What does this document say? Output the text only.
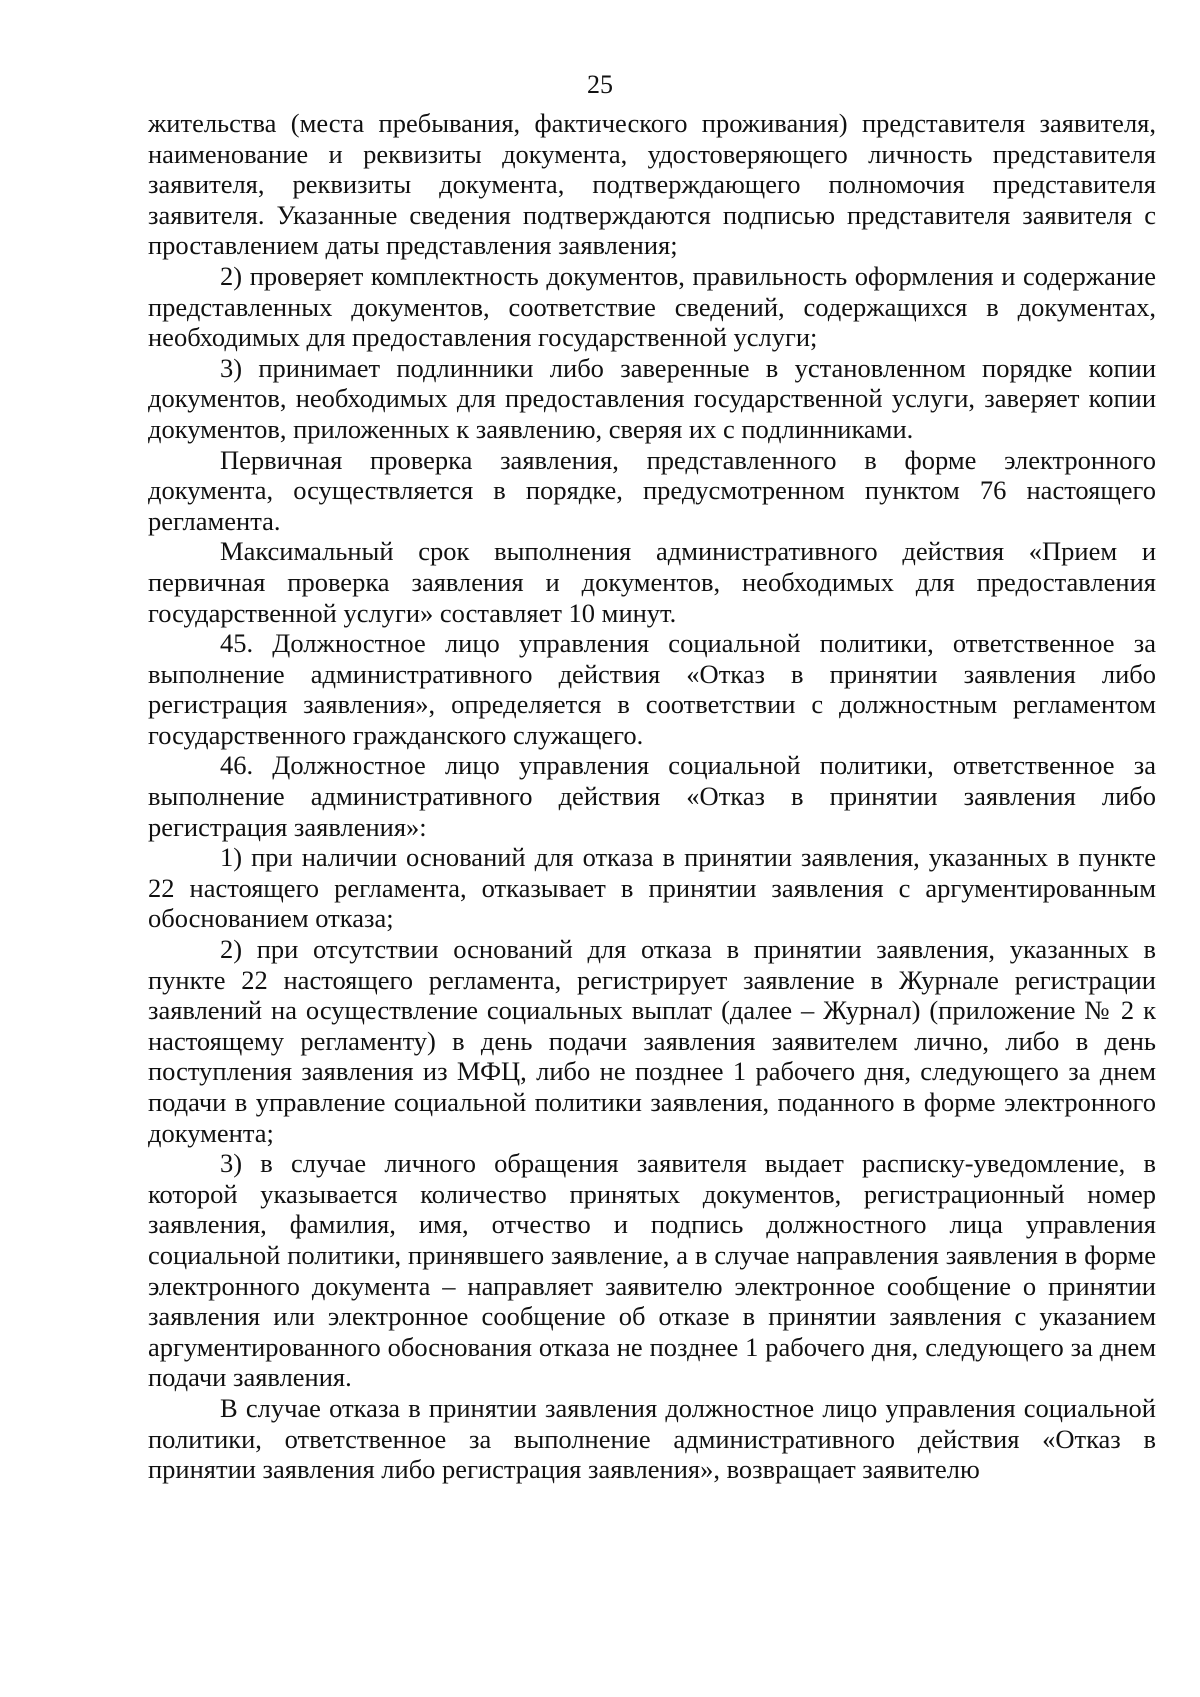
25

жительства (места пребывания, фактического проживания) представителя заявителя, наименование и реквизиты документа, удостоверяющего личность представителя заявителя, реквизиты документа, подтверждающего полномочия представителя заявителя. Указанные сведения подтверждаются подписью представителя заявителя с проставлением даты представления заявления;

2) проверяет комплектность документов, правильность оформления и содержание представленных документов, соответствие сведений, содержащихся в документах, необходимых для предоставления государственной услуги;

3) принимает подлинники либо заверенные в установленном порядке копии документов, необходимых для предоставления государственной услуги, заверяет копии документов, приложенных к заявлению, сверяя их с подлинниками.

Первичная проверка заявления, представленного в форме электронного документа, осуществляется в порядке, предусмотренном пунктом 76 настоящего регламента.

Максимальный срок выполнения административного действия «Прием и первичная проверка заявления и документов, необходимых для предоставления государственной услуги» составляет 10 минут.

45. Должностное лицо управления социальной политики, ответственное за выполнение административного действия «Отказ в принятии заявления либо регистрация заявления», определяется в соответствии с должностным регламентом государственного гражданского служащего.

46. Должностное лицо управления социальной политики, ответственное за выполнение административного действия «Отказ в принятии заявления либо регистрация заявления»:

1) при наличии оснований для отказа в принятии заявления, указанных в пункте 22 настоящего регламента, отказывает в принятии заявления с аргументированным обоснованием отказа;

2) при отсутствии оснований для отказа в принятии заявления, указанных в пункте 22 настоящего регламента, регистрирует заявление в Журнале регистрации заявлений на осуществление социальных выплат (далее – Журнал) (приложение № 2 к настоящему регламенту) в день подачи заявления заявителем лично, либо в день поступления заявления из МФЦ, либо не позднее 1 рабочего дня, следующего за днем подачи в управление социальной политики заявления, поданного в форме электронного документа;

3) в случае личного обращения заявителя выдает расписку-уведомление, в которой указывается количество принятых документов, регистрационный номер заявления, фамилия, имя, отчество и подпись должностного лица управления социальной политики, принявшего заявление, а в случае направления заявления в форме электронного документа – направляет заявителю электронное сообщение о принятии заявления или электронное сообщение об отказе в принятии заявления с указанием аргументированного обоснования отказа не позднее 1 рабочего дня, следующего за днем подачи заявления.

В случае отказа в принятии заявления должностное лицо управления социальной политики, ответственное за выполнение административного действия «Отказ в принятии заявления либо регистрация заявления», возвращает заявителю
